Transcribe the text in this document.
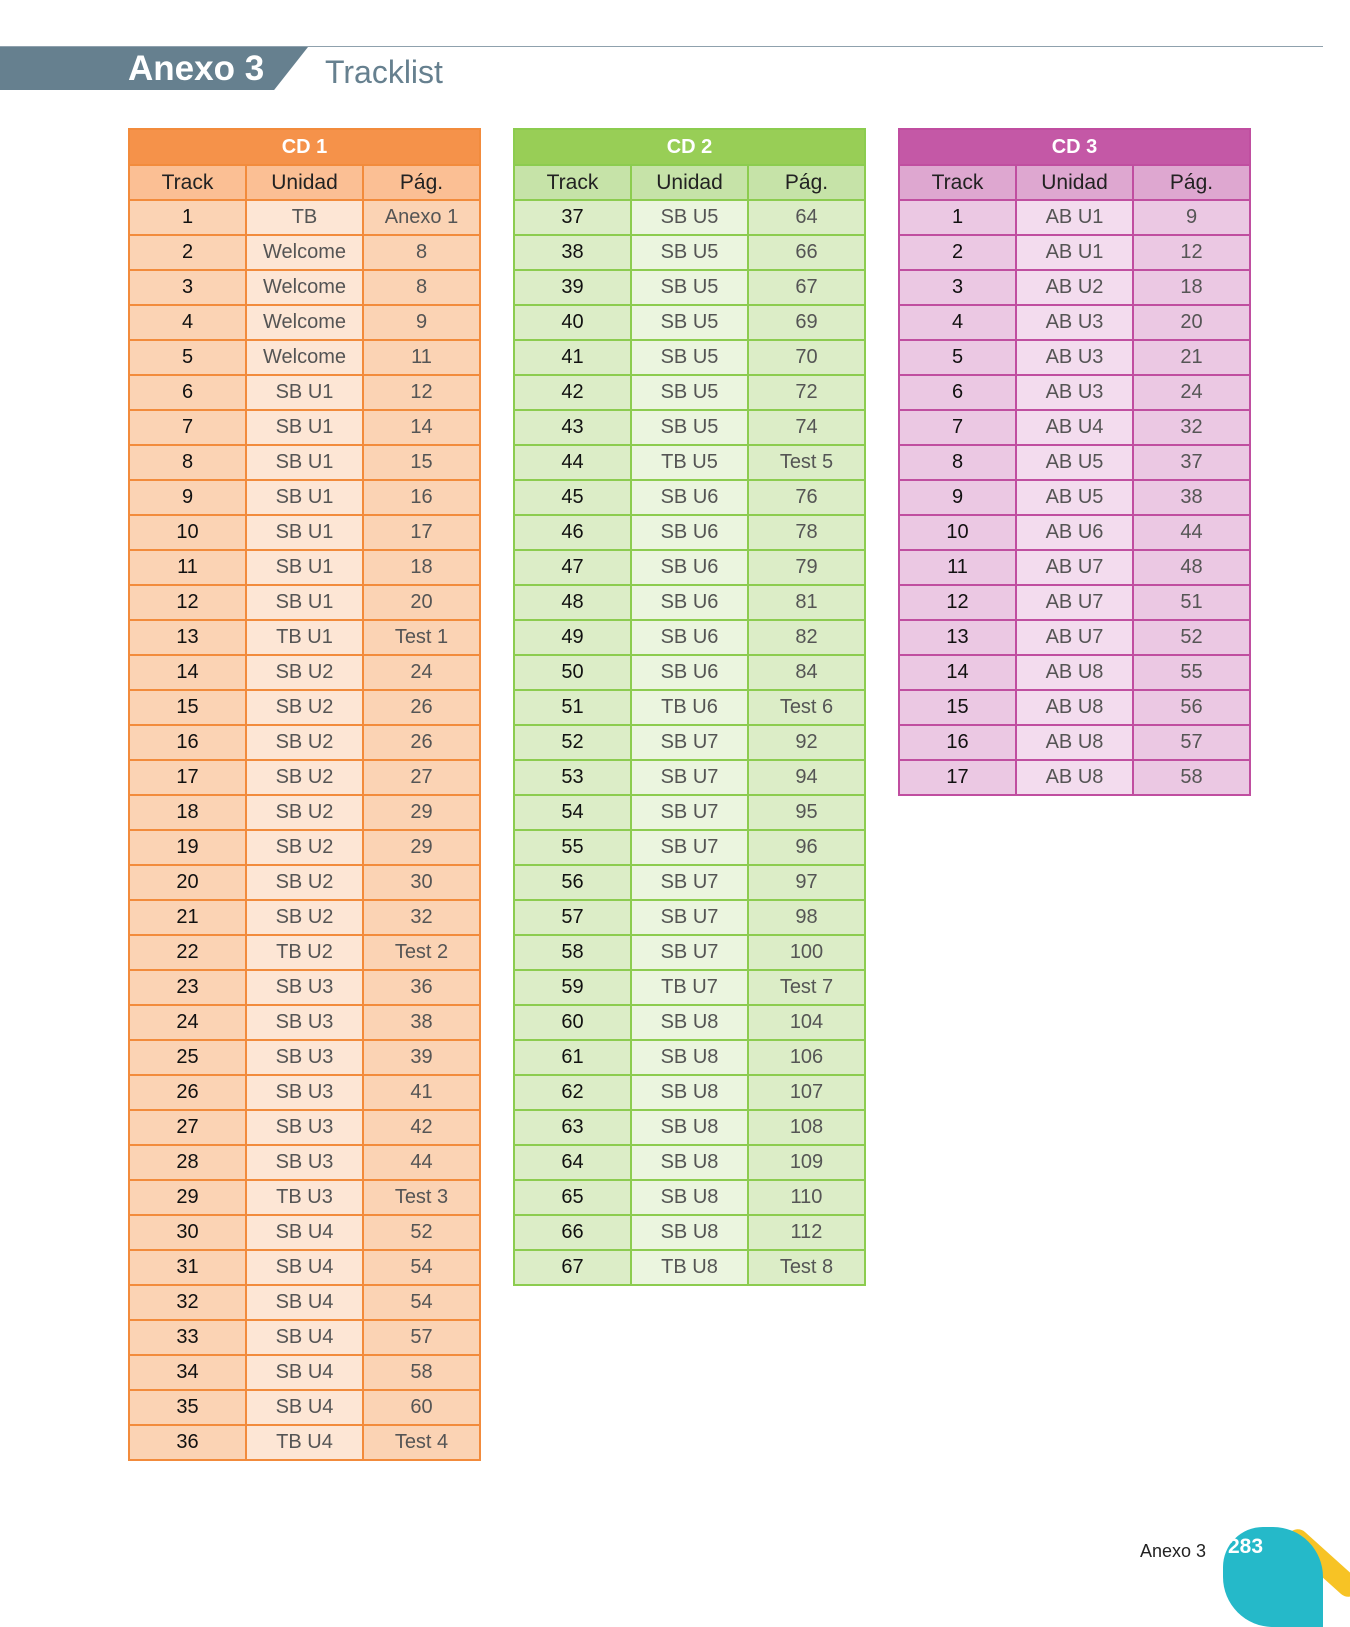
Anexo 3 Tracklist
CD 1		
Track	Unidad	Pág.
1	TB	Anexo 1
2	Welcome	8
3	Welcome	8
4	Welcome	9
5	Welcome	11
6	SB U1	12
7	SB U1	14
8	SB U1	15
9	SB U1	16
10	SB U1	17
11	SB U1	18
12	SB U1	20
13	TB U1	Test 1
14	SB U2	24
15	SB U2	26
16	SB U2	26
17	SB U2	27
18	SB U2	29
19	SB U2	29
20	SB U2	30
21	SB U2	32
22	TB U2	Test 2
23	SB U3	36
24	SB U3	38
25	SB U3	39
26	SB U3	41
27	SB U3	42
28	SB U3	44
29	TB U3	Test 3
30	SB U4	52
31	SB U4	54
32	SB U4	54
33	SB U4	57
34	SB U4	58
35	SB U4	60
36	TB U4	Test 4
CD 2		
Track	Unidad	Pág.
37	SB U5	64
38	SB U5	66
39	SB U5	67
40	SB U5	69
41	SB U5	70
42	SB U5	72
43	SB U5	74
44	TB U5	Test 5
45	SB U6	76
46	SB U6	78
47	SB U6	79
48	SB U6	81
49	SB U6	82
50	SB U6	84
51	TB U6	Test 6
52	SB U7	92
53	SB U7	94
54	SB U7	95
55	SB U7	96
56	SB U7	97
57	SB U7	98
58	SB U7	100
59	TB U7	Test 7
60	SB U8	104
61	SB U8	106
62	SB U8	107
63	SB U8	108
64	SB U8	109
65	SB U8	110
66	SB U8	112
67	TB U8	Test 8
CD 3		
Track	Unidad	Pág.
1	AB U1	9
2	AB U1	12
3	AB U2	18
4	AB U3	20
5	AB U3	21
6	AB U3	24
7	AB U4	32
8	AB U5	37
9	AB U5	38
10	AB U6	44
11	AB U7	48
12	AB U7	51
13	AB U7	52
14	AB U8	55
15	AB U8	56
16	AB U8	57
17	AB U8	58
Anexo 3 283
